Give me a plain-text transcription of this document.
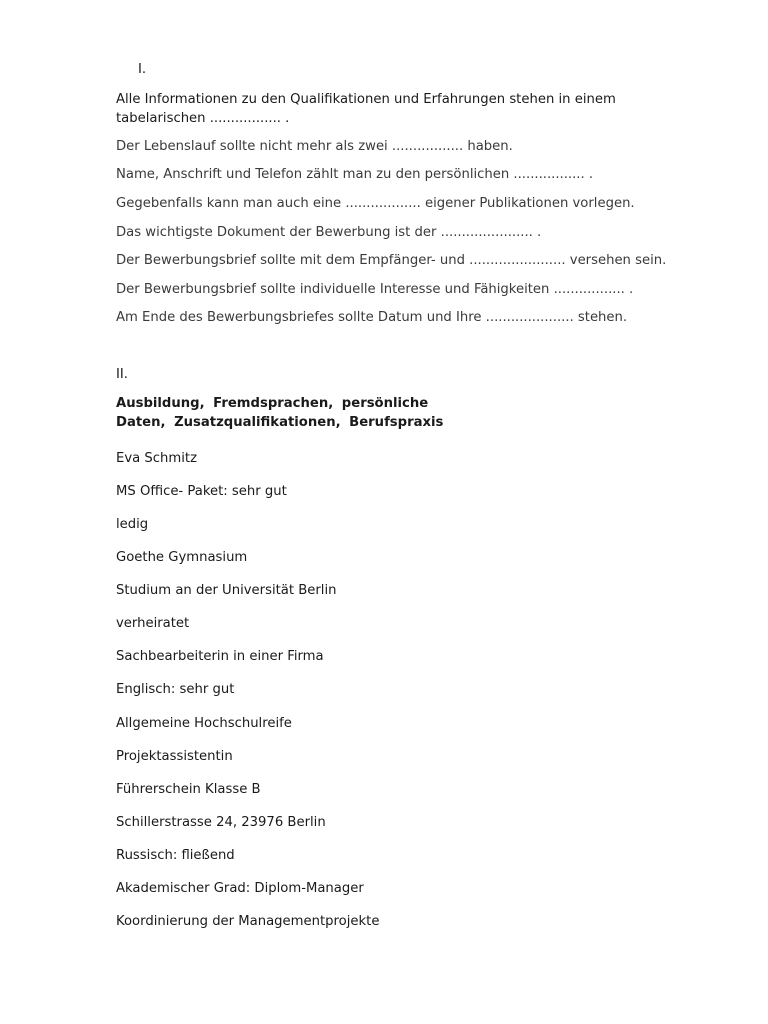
I.
Alle Informationen zu den Qualifikationen und Erfahrungen stehen in einem
tabelarischen ................. .
Der Lebenslauf sollte nicht mehr als zwei ................. haben.
Name, Anschrift und Telefon zählt man zu den persönlichen ................. .
Gegebenfalls kann man auch eine .................. eigener Publikationen vorlegen.
Das wichtigste Dokument der Bewerbung ist der ...................... .
Der Bewerbungsbrief sollte mit dem Empfänger- und ....................... versehen sein.
Der Bewerbungsbrief sollte individuelle Interesse und Fähigkeiten ................. .
Am Ende des Bewerbungsbriefes sollte Datum und Ihre ..................... stehen.
II.
Ausbildung, Fremdsprachen, persönliche
Daten, Zusatzqualifikationen, Berufspraxis
Eva Schmitz
MS Office- Paket: sehr gut
ledig
Goethe Gymnasium
Studium an der Universität Berlin
verheiratet
Sachbearbeiterin in einer Firma
Englisch: sehr gut
Allgemeine Hochschulreife
Projektassistentin
Führerschein Klasse B
Schillerstrasse 24, 23976 Berlin
Russisch: fließend
Akademischer Grad: Diplom-Manager
Koordinierung der Managementprojekte
